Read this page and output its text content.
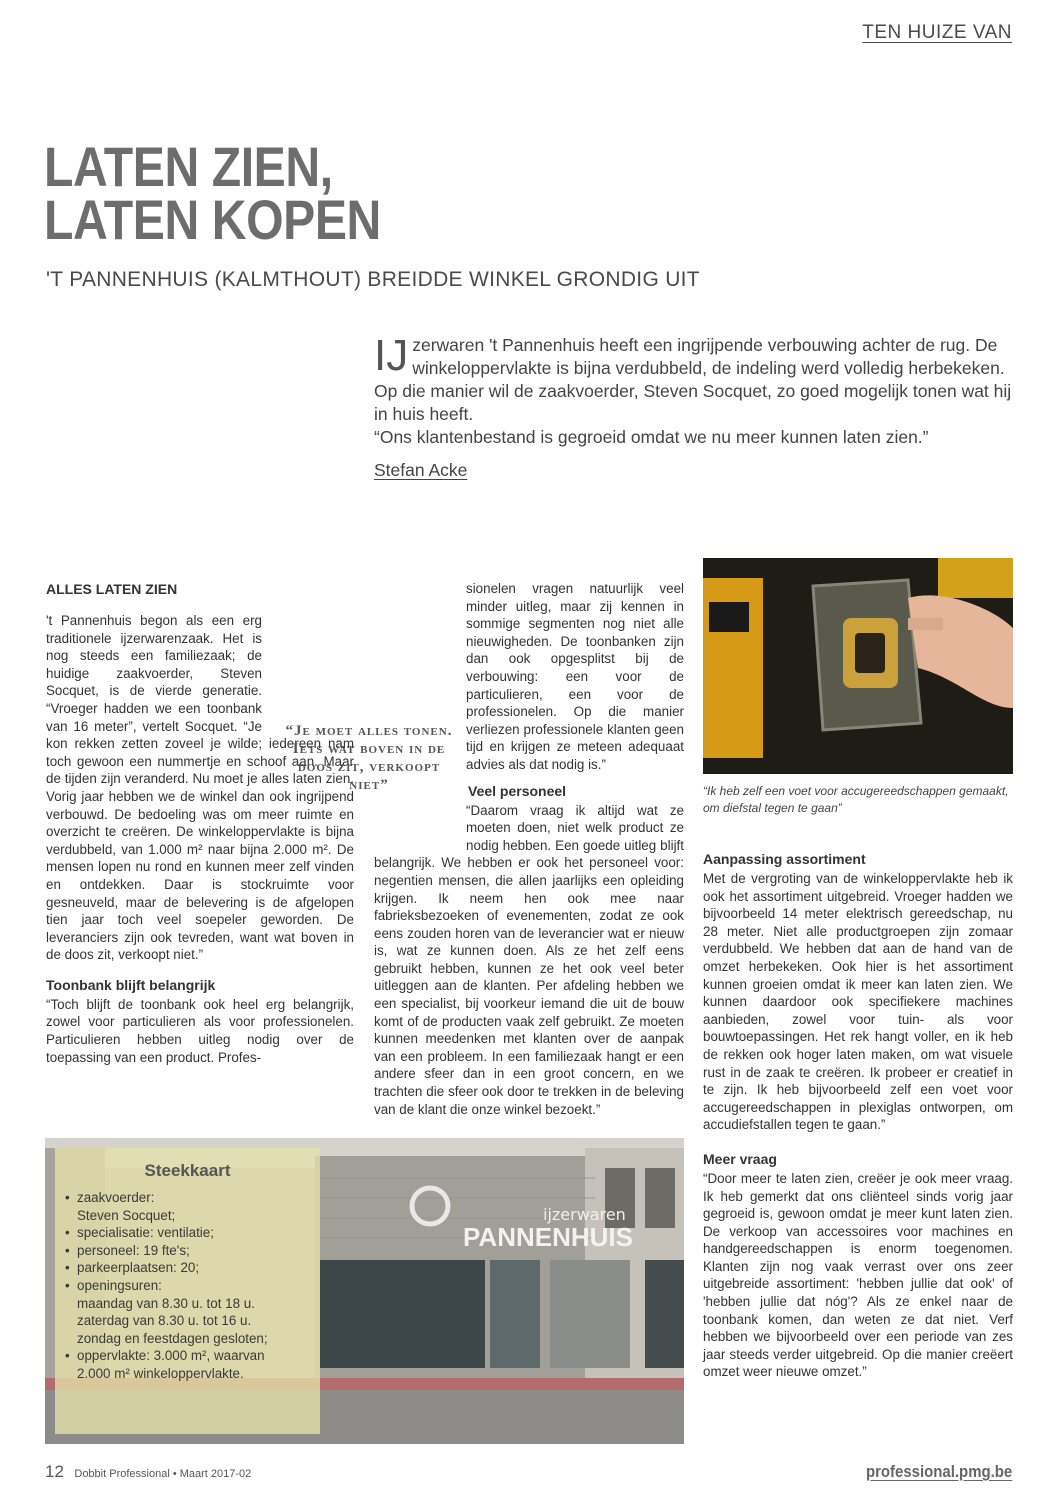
TEN HUIZE VAN
LATEN ZIEN,
LATEN KOPEN
'T PANNENHUIS (KALMTHOUT) BREIDDE WINKEL GRONDIG UIT
IJ zerwaren 't Pannenhuis heeft een ingrijpende verbouwing achter de rug. De winkeloppervlakte is bijna verdubbeld, de indeling werd volledig herbekeken. Op die manier wil de zaakvoerder, Steven Socquet, zo goed mogelijk tonen wat hij in huis heeft.
“Ons klantenbestand is gegroeid omdat we nu meer kunnen laten zien.”
Stefan Acke
ALLES LATEN ZIEN

't Pannenhuis begon als een erg traditionele ijzerwarenzaak. Het is nog steeds een familiezaak; de huidige zaakvoerder, Steven Socquet, is de vierde generatie. “Vroeger hadden we een toonbank van 16 meter”, vertelt Socquet. “Je kon rekken zetten zoveel je wilde; iedereen nam toch gewoon een nummertje en schoof aan. Maar de tijden zijn veranderd. Nu moet je alles laten zien. Vorig jaar hebben we de winkel dan ook ingrijpend verbouwd. De bedoeling was om meer ruimte en overzicht te creëren. De winkeloppervlakte is bijna verdubbeld, van 1.000 m² naar bijna 2.000 m². De mensen lopen nu rond en kunnen meer zelf vinden en ontdekken. Daar is stockruimte voor gesneuveld, maar de belevering is de afgelopen tien jaar toch veel soepeler geworden. De leveranciers zijn ook tevreden, want wat boven in de doos zit, verkoopt niet.”

Toonbank blijft belangrijk

“Toch blijft de toonbank ook heel erg belangrijk, zowel voor particulieren als voor professionelen. Particulieren hebben uitleg nodig over de toepassing van een product. Profes-

“Je moet alles tonen. Iets wat boven in de doos zit, verkoopt niet”

sionelen vragen natuurlijk veel minder uitleg, maar zij kennen in sommige segmenten nog niet alle nieuwigheden. De toonbanken zijn dan ook opgesplitst bij de verbouwing: een voor de particulieren, een voor de professionelen. Op die manier verliezen professionele klanten geen tijd en krijgen ze meteen adequaat advies als dat nodig is.”

Veel personeel

“Daarom vraag ik altijd wat ze moeten doen, niet welk product ze nodig hebben. Een goede uitleg blijft belangrijk. We hebben er ook het personeel voor: negentien mensen, die allen jaarlijks een opleiding krijgen. Ik neem hen ook mee naar fabrieksbezoeken of evenementen, zodat ze ook eens zouden horen van de leverancier wat er nieuw is, wat ze kunnen doen. Als ze het zelf eens gebruikt hebben, kunnen ze het ook veel beter uitleggen aan de klanten. Per afdeling hebben we een specialist, bij voorkeur iemand die uit de bouw komt of de producten vaak zelf gebruikt. Ze moeten kunnen meedenken met klanten over de aanpak van een probleem. In een familiezaak hangt er een andere sfeer dan in een groot concern, en we trachten die sfeer ook door te trekken in de beleving van de klant die onze winkel bezoekt.”

“Ik heb zelf een voet voor accugereedschappen gemaakt, om diefstal tegen te gaan”
Aanpassing assortiment

Met de vergroting van de winkeloppervlakte heb ik ook het assortiment uitgebreid. Vroeger hadden we bijvoorbeeld 14 meter elektrisch gereedschap, nu 28 meter. Niet alle productgroepen zijn zomaar verdubbeld. We hebben dat aan de hand van de omzet herbekeken. Ook hier is het assortiment kunnen groeien omdat ik meer kan laten zien. We kunnen daardoor ook specifiekere machines aanbieden, zowel voor tuin- als voor bouwtoepassingen. Het rek hangt voller, en ik heb de rekken ook hoger laten maken, om wat visuele rust in de zaak te creëren. Ik probeer er creatief in te zijn. Ik heb bijvoorbeeld zelf een voet voor accugereedschappen in plexiglas ontworpen, om accudiefstallen tegen te gaan.”

Meer vraag

“Door meer te laten zien, creëer je ook meer vraag. Ik heb gemerkt dat ons cliënteel sinds vorig jaar gegroeid is, gewoon omdat je meer kunt laten zien. De verkoop van accessoires voor machines en handgereedschappen is enorm toegenomen. Klanten zijn nog vaak verrast over ons zeer uitgebreide assortiment: 'hebben jullie dat ook' of 'hebben jullie dat nóg'? Als ze enkel naar de toonbank komen, dan weten ze dat niet. Verf hebben we bijvoorbeeld over een periode van zes jaar steeds verder uitgebreid. Op die manier creëert omzet weer nieuwe omzet.”

ijzerwaren
PANNENHUIS
Steekkaart
• zaakvoerder:
Steven Socquet;
• specialisatie: ventilatie;
• personeel: 19 fte's;
• parkeerplaatsen: 20;
• openingsuren:
maandag van 8.30 u. tot 18 u.
zaterdag van 8.30 u. tot 16 u.
zondag en feestdagen gesloten;
• oppervlakte: 3.000 m², waarvan
2.000 m² winkeloppervlakte.
12 Dobbit Professional • Maart 2017-02	professional.pmg.be
